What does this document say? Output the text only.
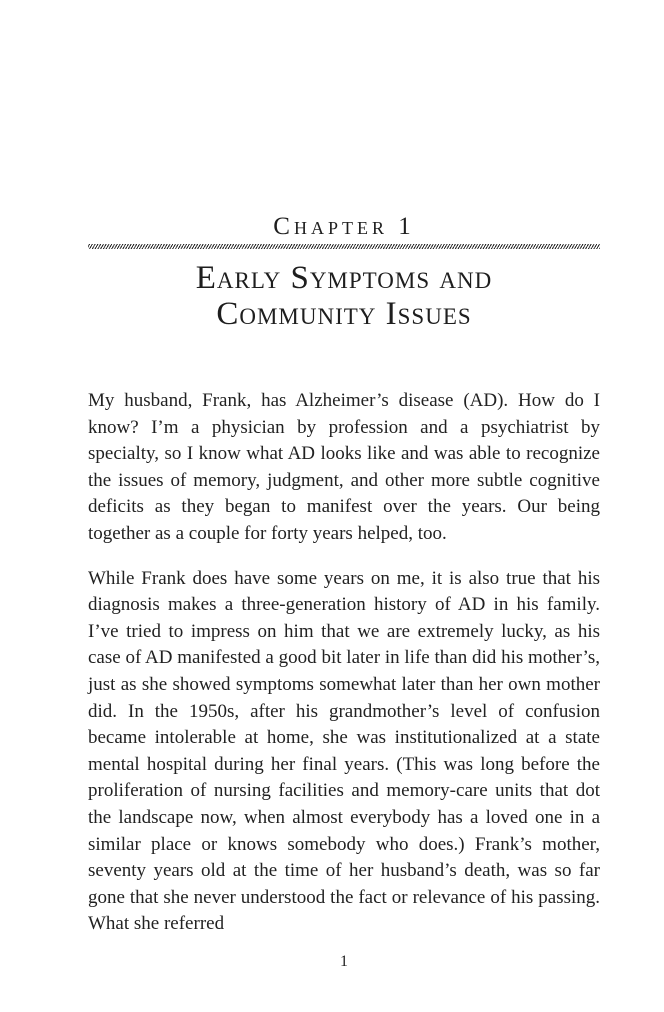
Chapter 1
Early Symptoms and
Community Issues

My husband, Frank, has Alzheimer’s disease (AD). How do I know? I’m a physician by profession and a psychiatrist by specialty, so I know what AD looks like and was able to recognize the issues of memory, judgment, and other more subtle cognitive deficits as they began to manifest over the years. Our being together as a couple for forty years helped, too.

While Frank does have some years on me, it is also true that his diagnosis makes a three-generation history of AD in his family. I’ve tried to impress on him that we are extremely lucky, as his case of AD manifested a good bit later in life than did his mother’s, just as she showed symptoms somewhat later than her own mother did. In the 1950s, after his grandmother’s level of confusion became intolerable at home, she was institutionalized at a state mental hospital during her final years. (This was long before the proliferation of nursing facilities and memory-care units that dot the landscape now, when almost everybody has a loved one in a similar place or knows somebody who does.) Frank’s mother, seventy years old at the time of her husband’s death, was so far gone that she never understood the fact or relevance of his passing. What she referred

1
